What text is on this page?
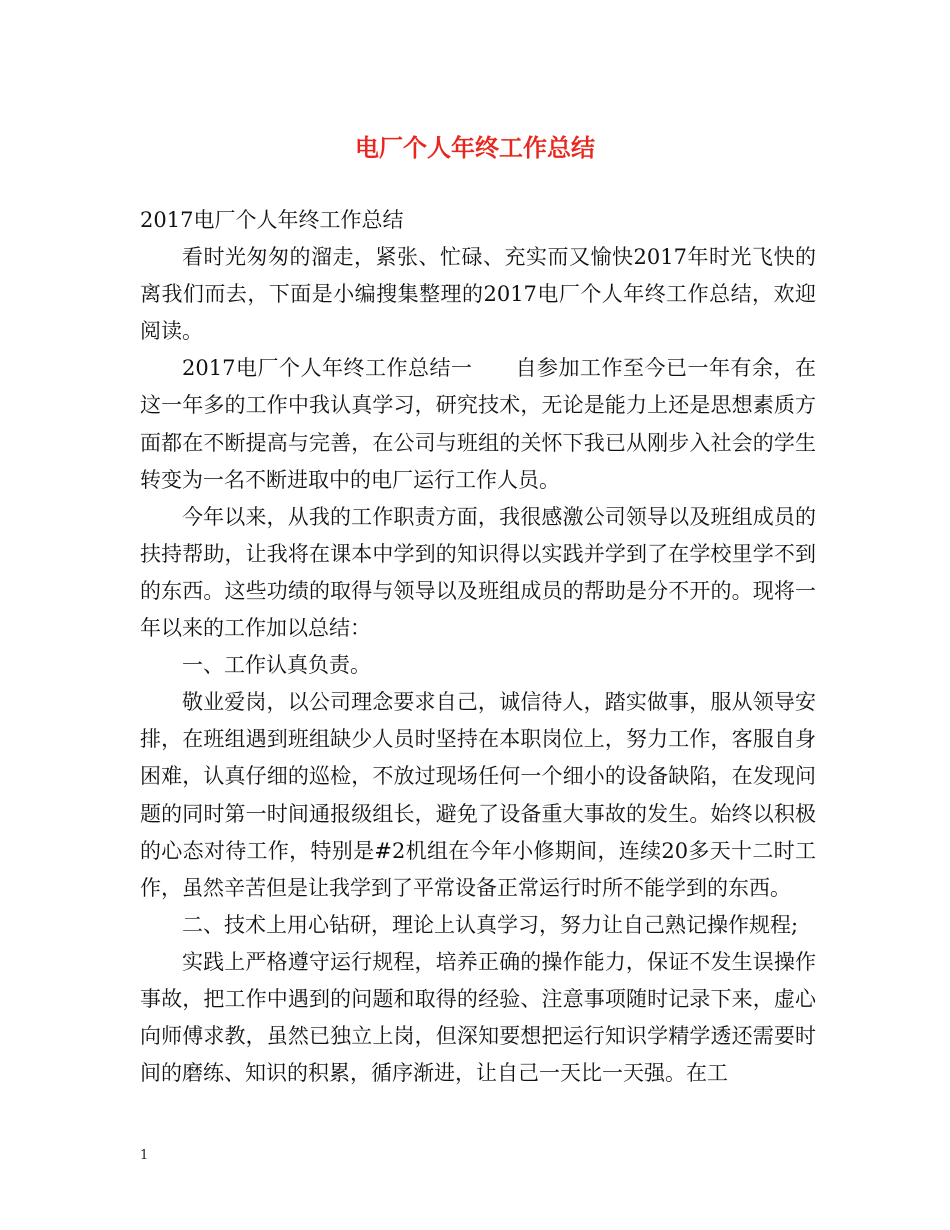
电厂个人年终工作总结

2017电厂个人年终工作总结

看时光匆匆的溜走，紧张、忙碌、充实而又愉快2017年时光飞快的离我们而去，下面是小编搜集整理的2017电厂个人年终工作总结，欢迎阅读。

2017电厂个人年终工作总结一　　自参加工作至今已一年有余，在这一年多的工作中我认真学习，研究技术，无论是能力上还是思想素质方面都在不断提高与完善，在公司与班组的关怀下我已从刚步入社会的学生转变为一名不断进取中的电厂运行工作人员。

今年以来，从我的工作职责方面，我很感激公司领导以及班组成员的扶持帮助，让我将在课本中学到的知识得以实践并学到了在学校里学不到的东西。这些功绩的取得与领导以及班组成员的帮助是分不开的。现将一年以来的工作加以总结：

一、工作认真负责。

敬业爱岗，以公司理念要求自己，诚信待人，踏实做事，服从领导安排，在班组遇到班组缺少人员时坚持在本职岗位上，努力工作，客服自身困难，认真仔细的巡检，不放过现场任何一个细小的设备缺陷，在发现问题的同时第一时间通报级组长，避免了设备重大事故的发生。始终以积极的心态对待工作，特别是#2机组在今年小修期间，连续20多天十二时工作，虽然辛苦但是让我学到了平常设备正常运行时所不能学到的东西。

二、技术上用心钻研，理论上认真学习，努力让自己熟记操作规程;

实践上严格遵守运行规程，培养正确的操作能力，保证不发生误操作事故，把工作中遇到的问题和取得的经验、注意事项随时记录下来，虚心向师傅求教，虽然已独立上岗，但深知要想把运行知识学精学透还需要时间的磨练、知识的积累，循序渐进，让自己一天比一天强。在工

1
